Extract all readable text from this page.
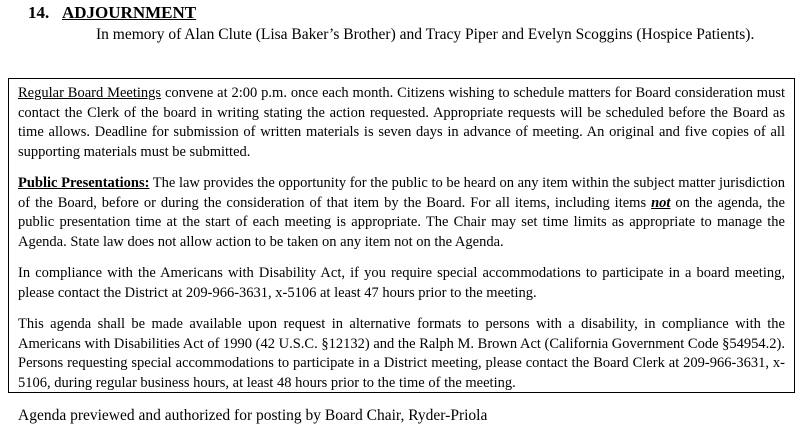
14. ADJOURNMENT

In memory of Alan Clute (Lisa Baker’s Brother) and Tracy Piper and Evelyn Scoggins (Hospice Patients).

Regular Board Meetings convene at 2:00 p.m. once each month. Citizens wishing to schedule matters for Board consideration must contact the Clerk of the board in writing stating the action requested. Appropriate requests will be scheduled before the Board as time allows. Deadline for submission of written materials is seven days in advance of meeting. An original and five copies of all supporting materials must be submitted.

Public Presentations: The law provides the opportunity for the public to be heard on any item within the subject matter jurisdiction of the Board, before or during the consideration of that item by the Board. For all items, including items not on the agenda, the public presentation time at the start of each meeting is appropriate. The Chair may set time limits as appropriate to manage the Agenda. State law does not allow action to be taken on any item not on the Agenda.

In compliance with the Americans with Disability Act, if you require special accommodations to participate in a board meeting, please contact the District at 209-966-3631, x-5106 at least 47 hours prior to the meeting.

This agenda shall be made available upon request in alternative formats to persons with a disability, in compliance with the Americans with Disabilities Act of 1990 (42 U.S.C. §12132) and the Ralph M. Brown Act (California Government Code §54954.2). Persons requesting special accommodations to participate in a District meeting, please contact the Board Clerk at 209-966-3631, x-5106, during regular business hours, at least 48 hours prior to the time of the meeting.

Agenda previewed and authorized for posting by Board Chair, Ryder-Priola
